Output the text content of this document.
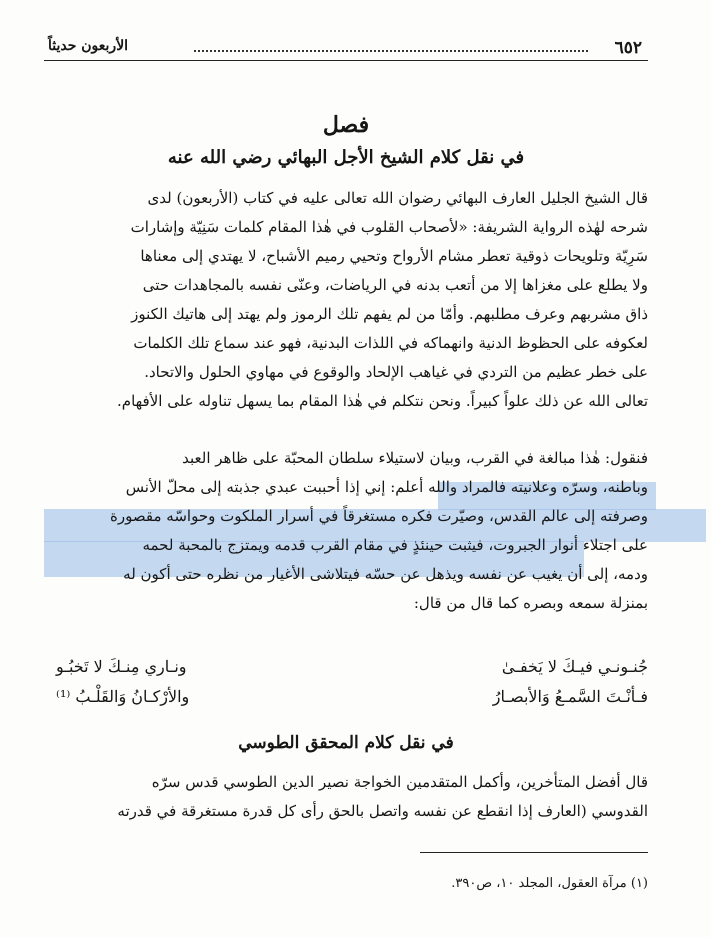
٦٥٢
الأربعون حديثاً
فصل
في نقل كلام الشيخ الأجل البهائي رضي الله عنه
قال الشيخ الجليل العارف البهائي رضوان الله تعالى عليه في كتاب (الأربعون) لدى
شرحه لهٰذه الرواية الشريفة: «لأصحاب القلوب في هٰذا المقام كلمات سَنِيّة وإشارات
سَرِيّة وتلويحات ذوقية تعطر مشام الأرواح وتحيي رميم الأشباح، لا يهتدي إلى معناها
ولا يطلع على مغزاها إلا من أتعب بدنه في الرياضات، وعنّى نفسه بالمجاهدات حتى
ذاق مشربهم وعرف مطلبهم. وأمّا من لم يفهم تلك الرموز ولم يهتد إلى هاتيك الكنوز
لعكوفه على الحظوظ الدنية وانهماكه في اللذات البدنية، فهو عند سماع تلك الكلمات
على خطر عظيم من التردي في غياهب الإلحاد والوقوع في مهاوي الحلول والاتحاد.
تعالى الله عن ذلك علواً كبيراً. ونحن نتكلم في هٰذا المقام بما يسهل تناوله على الأفهام.
فنقول: هٰذا مبالغة في القرب، وبيان لاستيلاء سلطان المحبّة على ظاهر العبد
وباطنه، وسرّه وعلانيته فالمراد والله أعلم: إني إذا أحببت عبدي جذبته إلى محلّ الأنس
وصرفته إلى عالم القدس، وصيّرت فكره مستغرقاً في أسرار الملكوت وحواسّه مقصورة
على اجتلاء أنوار الجبروت، فيثبت حينئذٍ في مقام القرب قدمه ويمتزج بالمحبة لحمه
ودمه، إلى أن يغيب عن نفسه ويذهل عن حسّه فيتلاشى الأغيار من نظره حتى أكون له
بمنزلة سمعه وبصره كما قال من قال:
جُنـونـي فيـكَ لا يَخفـىٰ
ونـاري مِنـكَ لا تَخبُـو
فـأنْـتَ السَّمـعُ وَالأبصـارُ
والأرْكـانُ وَالقَلْـبُ ⁽¹⁾
في نقل كلام المحقق الطوسي
قال أفضل المتأخرين، وأكمل المتقدمين الخواجة نصير الدين الطوسي قدس سرّه
القدوسي (العارف إذا انقطع عن نفسه واتصل بالحق رأى كل قدرة مستغرقة في قدرته
(١) مرآة العقول، المجلد ١٠، ص٣٩٠.
